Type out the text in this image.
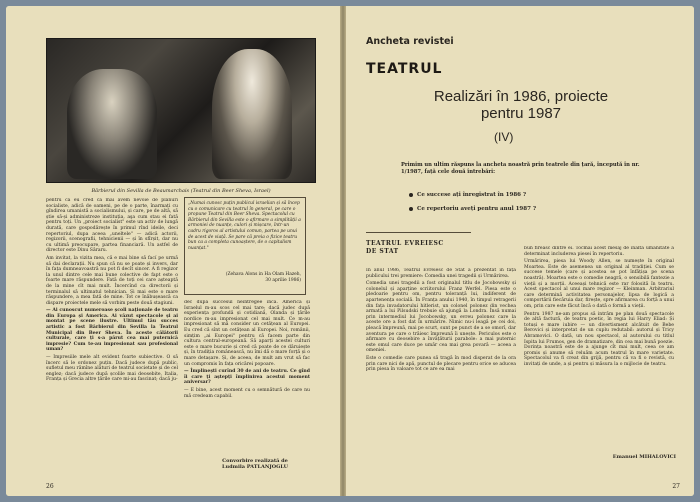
Bărbierul din Sevilla de Beaumarchais (Teatrul din Beer Sheva, Israel)

pentru că eu cred că mai avem nevoie de planuri socialiste, adică de oameni, pe de o parte, înarmați cu gîndirea umanistă a socialismului, și care, pe de altă, să știe să-și administreze instituția, aşa cum stau ei fată pentru toți. Un „proiect socialist" este un activ de lungă durată, care gospodărește în primul rînd ideile, deci repertoriul, dupa aceea „uneltele" — adică actorii, regizorii, scenografii, tehnicienii — și în sfîrșit, dar nu cu ultimă preocupare, partea financiară. Un astfel de director este Dinu Săraru.

Am invitat, la vizita mea, că e mai bine să fací pe urmă să dai declarații. Nu spun că nu se poate și invers, dar în fața dumneavoastră nu pot fi decît sincer. A fi regizor la unul dintre cele mai bune colective de fapt este o foarte mare răspundere. Fată de toți cei care așteaptă de la mine cît mai mult. Încercînd ca directorii și terminalul să ultimatul tehnician. Și mai este o mare răspundere, a mea fată de mine. Tot ce înăbușească ca dispare proiectele mele să vorbim peste două stagiuni.

— Ai cunoscut numeroase școli naționale de teatru din Europa și America. Ai văzut spectacole și ai montat pe scene ilustre. Ultimul tău succes artistic a fost Bărbierul din Sevilla la Teatrul Municipal din Beer Sheva. În aceste călătorii culturale, care ți s-a părut cea mai puternică impresie? Cum te-au impresionat sau profesional uman?

— Impresiile mele alt evident foarte subiective. O să încerc să le ordonez puțin. Dacă judece după public, sufletul meu rămîne alături de teatrul societate și de cel englez; dacă judece după școlile mai deosebite, Italia, Franța și Grecia altre țările care mi-au fascinat; dacă ju-

„Numai cunosc puțin publicul israelian și să încep cu o comunicare cu teatrul în general, pe care o propune Teatrul din Beer Sheva. Spectacolul cu Bărbierul din Sevilla este o afirmare a simplității a armoniei de nuanțe, culori și mișcare, într-un cadru rigoros al artistului comun, partea pe unui de acest de viață. Se pare că preia o fizice teatru bun ca a completa cunoaștere, de o capitalism nuanțat."
(Zehava Alons in Ha Olam Hazeh, 30 aprilie 1986)

dec după succesul neîntregee încă. America și Israelul m-au scos cel mai tare; dacă judec după experiența profundă și cotidiană, Olanda și țările nordice m-au impresionat cel mai mult. Ce m-au impresionat să mă consider un cetățean al Europei. Eu cred că sînt un cetățean al Europei. Noi, românii, simțim „ai Europei" pentru că facem parte din cultura central-europeană. Să aparți acestei culturi este o mare bucurie și cred că poate de ce dăruiește și, în tradiția românească, nu îmi dă o mare forță și o mare detașare. Și, de aceea, de mult am vrut să fac un compromis în fața oricărei popoare.

— Împlinești curînd 30 de ani de teatru. Ce gînd îi care ți aștepți împlinirea acestui moment aniversar?

— E bine, acest moment cu o semnătură de care nu mă credeam capabil.

Convorbire realizată de
Ludmila PATLANJOGLU
26
Ancheta revistei
TEATRUL
Realizări în 1986, proiecte pentru 1987
(IV)
Primim un ultim răspuns la ancheta noastră prin teatrele din țară, începută în nr. 1/1987, față cele două întrebări:
Ce succese ați înregistrat în 1986 ?
Ce repertoriu aveți pentru anul 1987 ?
TEATRUL EVREIESC
DE STAT

În anul 1986, Teatrul Evreiesc de Stat a prezentat în fața publicului trei premiere: Comedia unei tragedii și Urmărirea.

Comedia unei tragedii a fost originalul titlu de Jocobowsky și colonelul și aparține scriitorului Franz Werfel. Piesa este o pledoarie pentru om, pentru toleranță lui, indiferent de apartenența socială. În Franța anului 1940, în timpul retragerii din fața invadatorului hitlerist, un colonel polonez din vechea armată a lui Pilsudski trebuie să ajungă la Londra. Însă numai prin intermediul lui Jocobowsky, un evreu polonez care la aceste ore a fost dat în urmărire. Nimic nu-i leagă pe cei doi, pleacă împreună, mai pe scurt, sunt pe punct de a se omorî, dar aventura pe care o trăiesc împreună îi unește. Periculos este o afirmare cu deosebire a învățăturii parabole: a mai puternic este omul care duce pe umăr cea mai grea povară — aceea a omeniei.

Este o comedie care punea să tragă în mod disperat de la ora prin care nici de apă, punctul de plecare pentru orice se aducea prin piesa în valoare tot ce are ea mai

bun fireasc dintre ei. Tocmai acest mesaj de înaltă umanitate a determinat includerea piesei în repertoriu.

Urmărirea, piesa lui Woody Allen, se numește în original Moartea. Este de asemenea un original al tradiției. Cum se succese temele (care și acestea se pot înfățișa pe scena noastră). Moartea este o comedie neagră, o sensibilă fantezie a vieții și a morții. Aceeași tehnică este rar folosită în teatru. Acest spectacol al unui mare regizor — Kleinman. Arbitrariul care determină activitatea personajelor, lipsa de logică a comportării fiecăruia dar, firește, spre afirmarea cu forță a unui om, prin care este făcut încă o dată o formă a vieții.

Pentru 1987 ne-am propus să intrăm pe plan două spectacole de altă factură, de teatru poetic, în regia lui Harry Eliad: Și totuși e mare iubire — un divertisment alcătuit de Bebe Berovici și interpretat de un cuplu redutabil: autorul și Tricy Abramovici. O dată, un nou spectacol, al autorului cu titlul Ispita lui Frumos, gen de dramatizare, din cea mai bună poezie. Dorința noastră este de a ajunge cît mai mult, ceea ce am promis și anume să reluăm acum teatrul în mare varietate. Spectacolul va fi creat din grijă, pentru că va fi o revistă, cu invitați de unde, a și pentru și măsura la o mijlocie de teatru.

Emanuel MIHALOVICI
27
